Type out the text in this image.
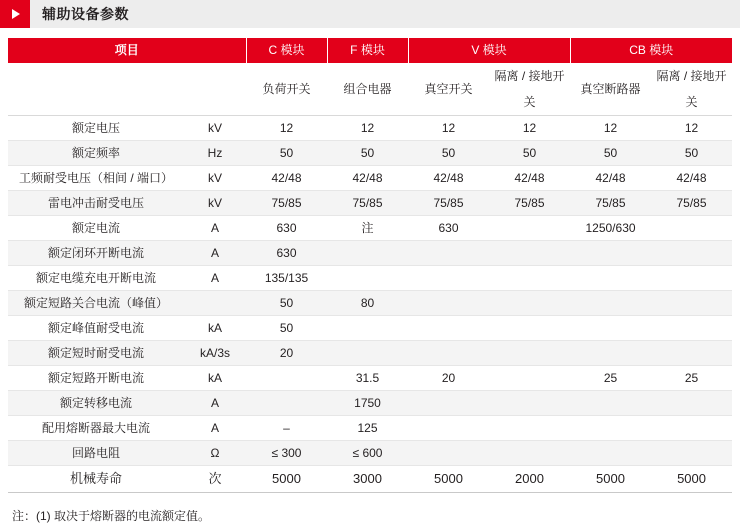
辅助设备参数
项目		C 模块	F 模块	V 模块		CB 模块	
		负荷开关	组合电器	真空开关	隔离 / 接地开关	真空断路器	隔离 / 接地开关
额定电压	kV	12	12	12	12	12	12
额定频率	Hz	50	50	50	50	50	50
工频耐受电压（相间 / 端口）	kV	42/48	42/48	42/48	42/48	42/48	42/48
雷电冲击耐受电压	kV	75/85	75/85	75/85	75/85	75/85	75/85
额定电流	A	630	注	630		1250/630	
额定闭环开断电流	A	630					
额定电缆充电开断电流	A	135/135					
额定短路关合电流（峰值）		50	80				
额定峰值耐受电流	kA	50					
额定短时耐受电流	kA/3s	20					
额定短路开断电流	kA		31.5	20		25	25
额定转移电流	A		1750				
配用熔断器最大电流	A	–	125				
回路电阻	Ω	≤ 300	≤ 600				
机械寿命	次	5000	3000	5000	2000	5000	5000
注：(1) 取决于熔断器的电流额定值。
